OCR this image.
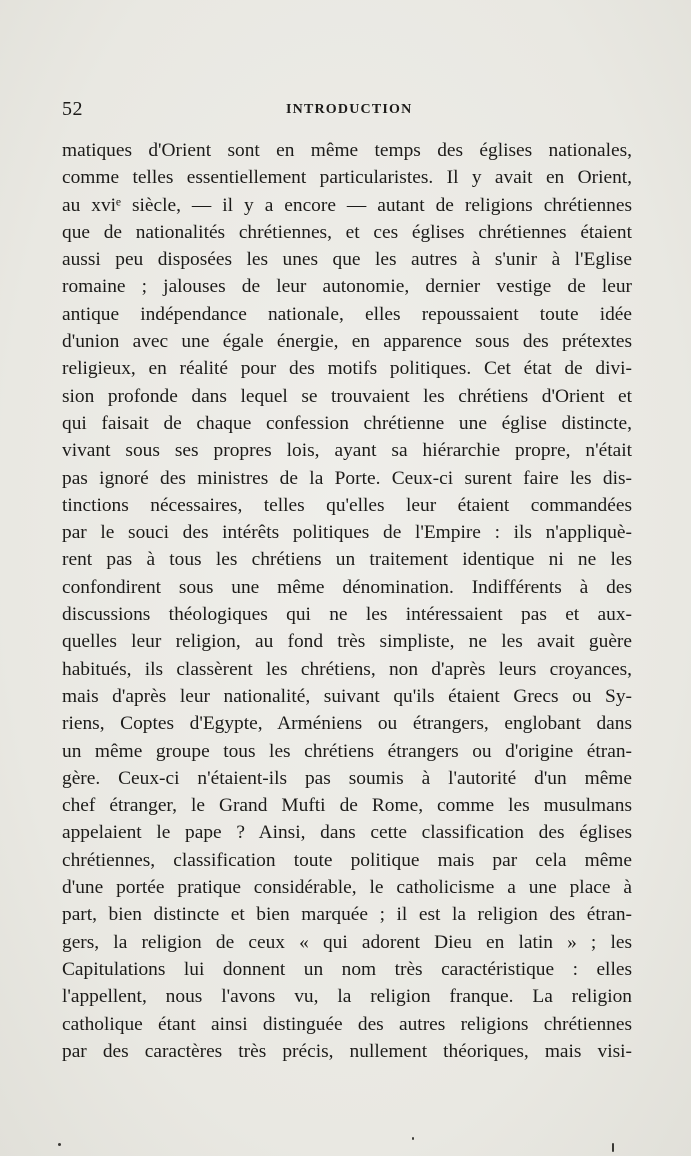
52	INTRODUCTION
matiques d'Orient sont en même temps des églises nationales,
comme telles essentiellement particularistes. Il y avait en Orient,
au xviᵉ siècle, — il y a encore — autant de religions chrétiennes
que de nationalités chrétiennes, et ces églises chrétiennes étaient
aussi peu disposées les unes que les autres à s'unir à l'Eglise
romaine ; jalouses de leur autonomie, dernier vestige de leur
antique indépendance nationale, elles repoussaient toute idée
d'union avec une égale énergie, en apparence sous des prétextes
religieux, en réalité pour des motifs politiques. Cet état de divi-
sion profonde dans lequel se trouvaient les chrétiens d'Orient et
qui faisait de chaque confession chrétienne une église distincte,
vivant sous ses propres lois, ayant sa hiérarchie propre, n'était
pas ignoré des ministres de la Porte. Ceux-ci surent faire les dis-
tinctions nécessaires, telles qu'elles leur étaient commandées
par le souci des intérêts politiques de l'Empire : ils n'appliquè-
rent pas à tous les chrétiens un traitement identique ni ne les
confondirent sous une même dénomination. Indifférents à des
discussions théologiques qui ne les intéressaient pas et aux-
quelles leur religion, au fond très simpliste, ne les avait guère
habitués, ils classèrent les chrétiens, non d'après leurs croyances,
mais d'après leur nationalité, suivant qu'ils étaient Grecs ou Sy-
riens, Coptes d'Egypte, Arméniens ou étrangers, englobant dans
un même groupe tous les chrétiens étrangers ou d'origine étran-
gère. Ceux-ci n'étaient-ils pas soumis à l'autorité d'un même
chef étranger, le Grand Mufti de Rome, comme les musulmans
appelaient le pape ? Ainsi, dans cette classification des églises
chrétiennes, classification toute politique mais par cela même
d'une portée pratique considérable, le catholicisme a une place à
part, bien distincte et bien marquée ; il est la religion des étran-
gers, la religion de ceux « qui adorent Dieu en latin » ; les
Capitulations lui donnent un nom très caractéristique : elles
l'appellent, nous l'avons vu, la religion franque. La religion
catholique étant ainsi distinguée des autres religions chrétiennes
par des caractères très précis, nullement théoriques, mais visi-
